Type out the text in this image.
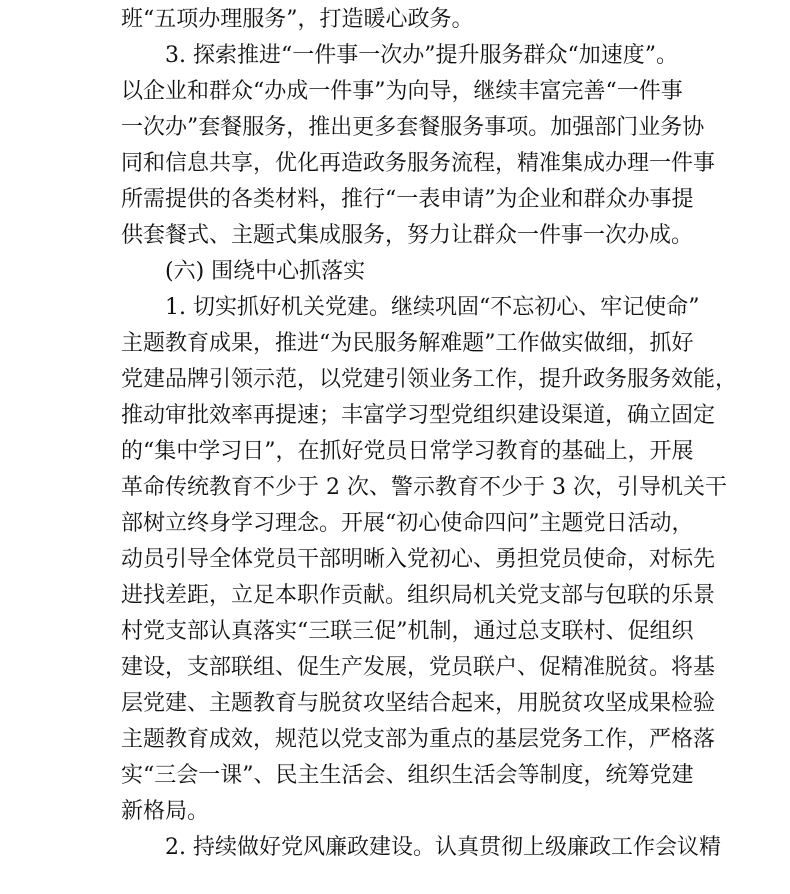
班“五项办理服务”，打造暖心政务。
3. 探索推进“一件事一次办”提升服务群众“加速度”。
以企业和群众“办成一件事”为向导，继续丰富完善“一件事
一次办”套餐服务，推出更多套餐服务事项。加强部门业务协
同和信息共享，优化再造政务服务流程，精准集成办理一件事
所需提供的各类材料，推行“一表申请”为企业和群众办事提
供套餐式、主题式集成服务，努力让群众一件事一次办成。
(六) 围绕中心抓落实
1. 切实抓好机关党建。继续巩固“不忘初心、牢记使命”
主题教育成果，推进“为民服务解难题”工作做实做细，抓好
党建品牌引领示范，以党建引领业务工作，提升政务服务效能，
推动审批效率再提速；丰富学习型党组织建设渠道，确立固定
的“集中学习日”，在抓好党员日常学习教育的基础上，开展
革命传统教育不少于 2 次、警示教育不少于 3 次，引导机关干
部树立终身学习理念。开展“初心使命四问”主题党日活动，
动员引导全体党员干部明晰入党初心、勇担党员使命，对标先
进找差距，立足本职作贡献。组织局机关党支部与包联的乐景
村党支部认真落实“三联三促”机制，通过总支联村、促组织
建设，支部联组、促生产发展，党员联户、促精准脱贫。将基
层党建、主题教育与脱贫攻坚结合起来，用脱贫攻坚成果检验
主题教育成效，规范以党支部为重点的基层党务工作，严格落
实“三会一课”、民主生活会、组织生活会等制度，统筹党建
新格局。
2. 持续做好党风廉政建设。认真贯彻上级廉政工作会议精
